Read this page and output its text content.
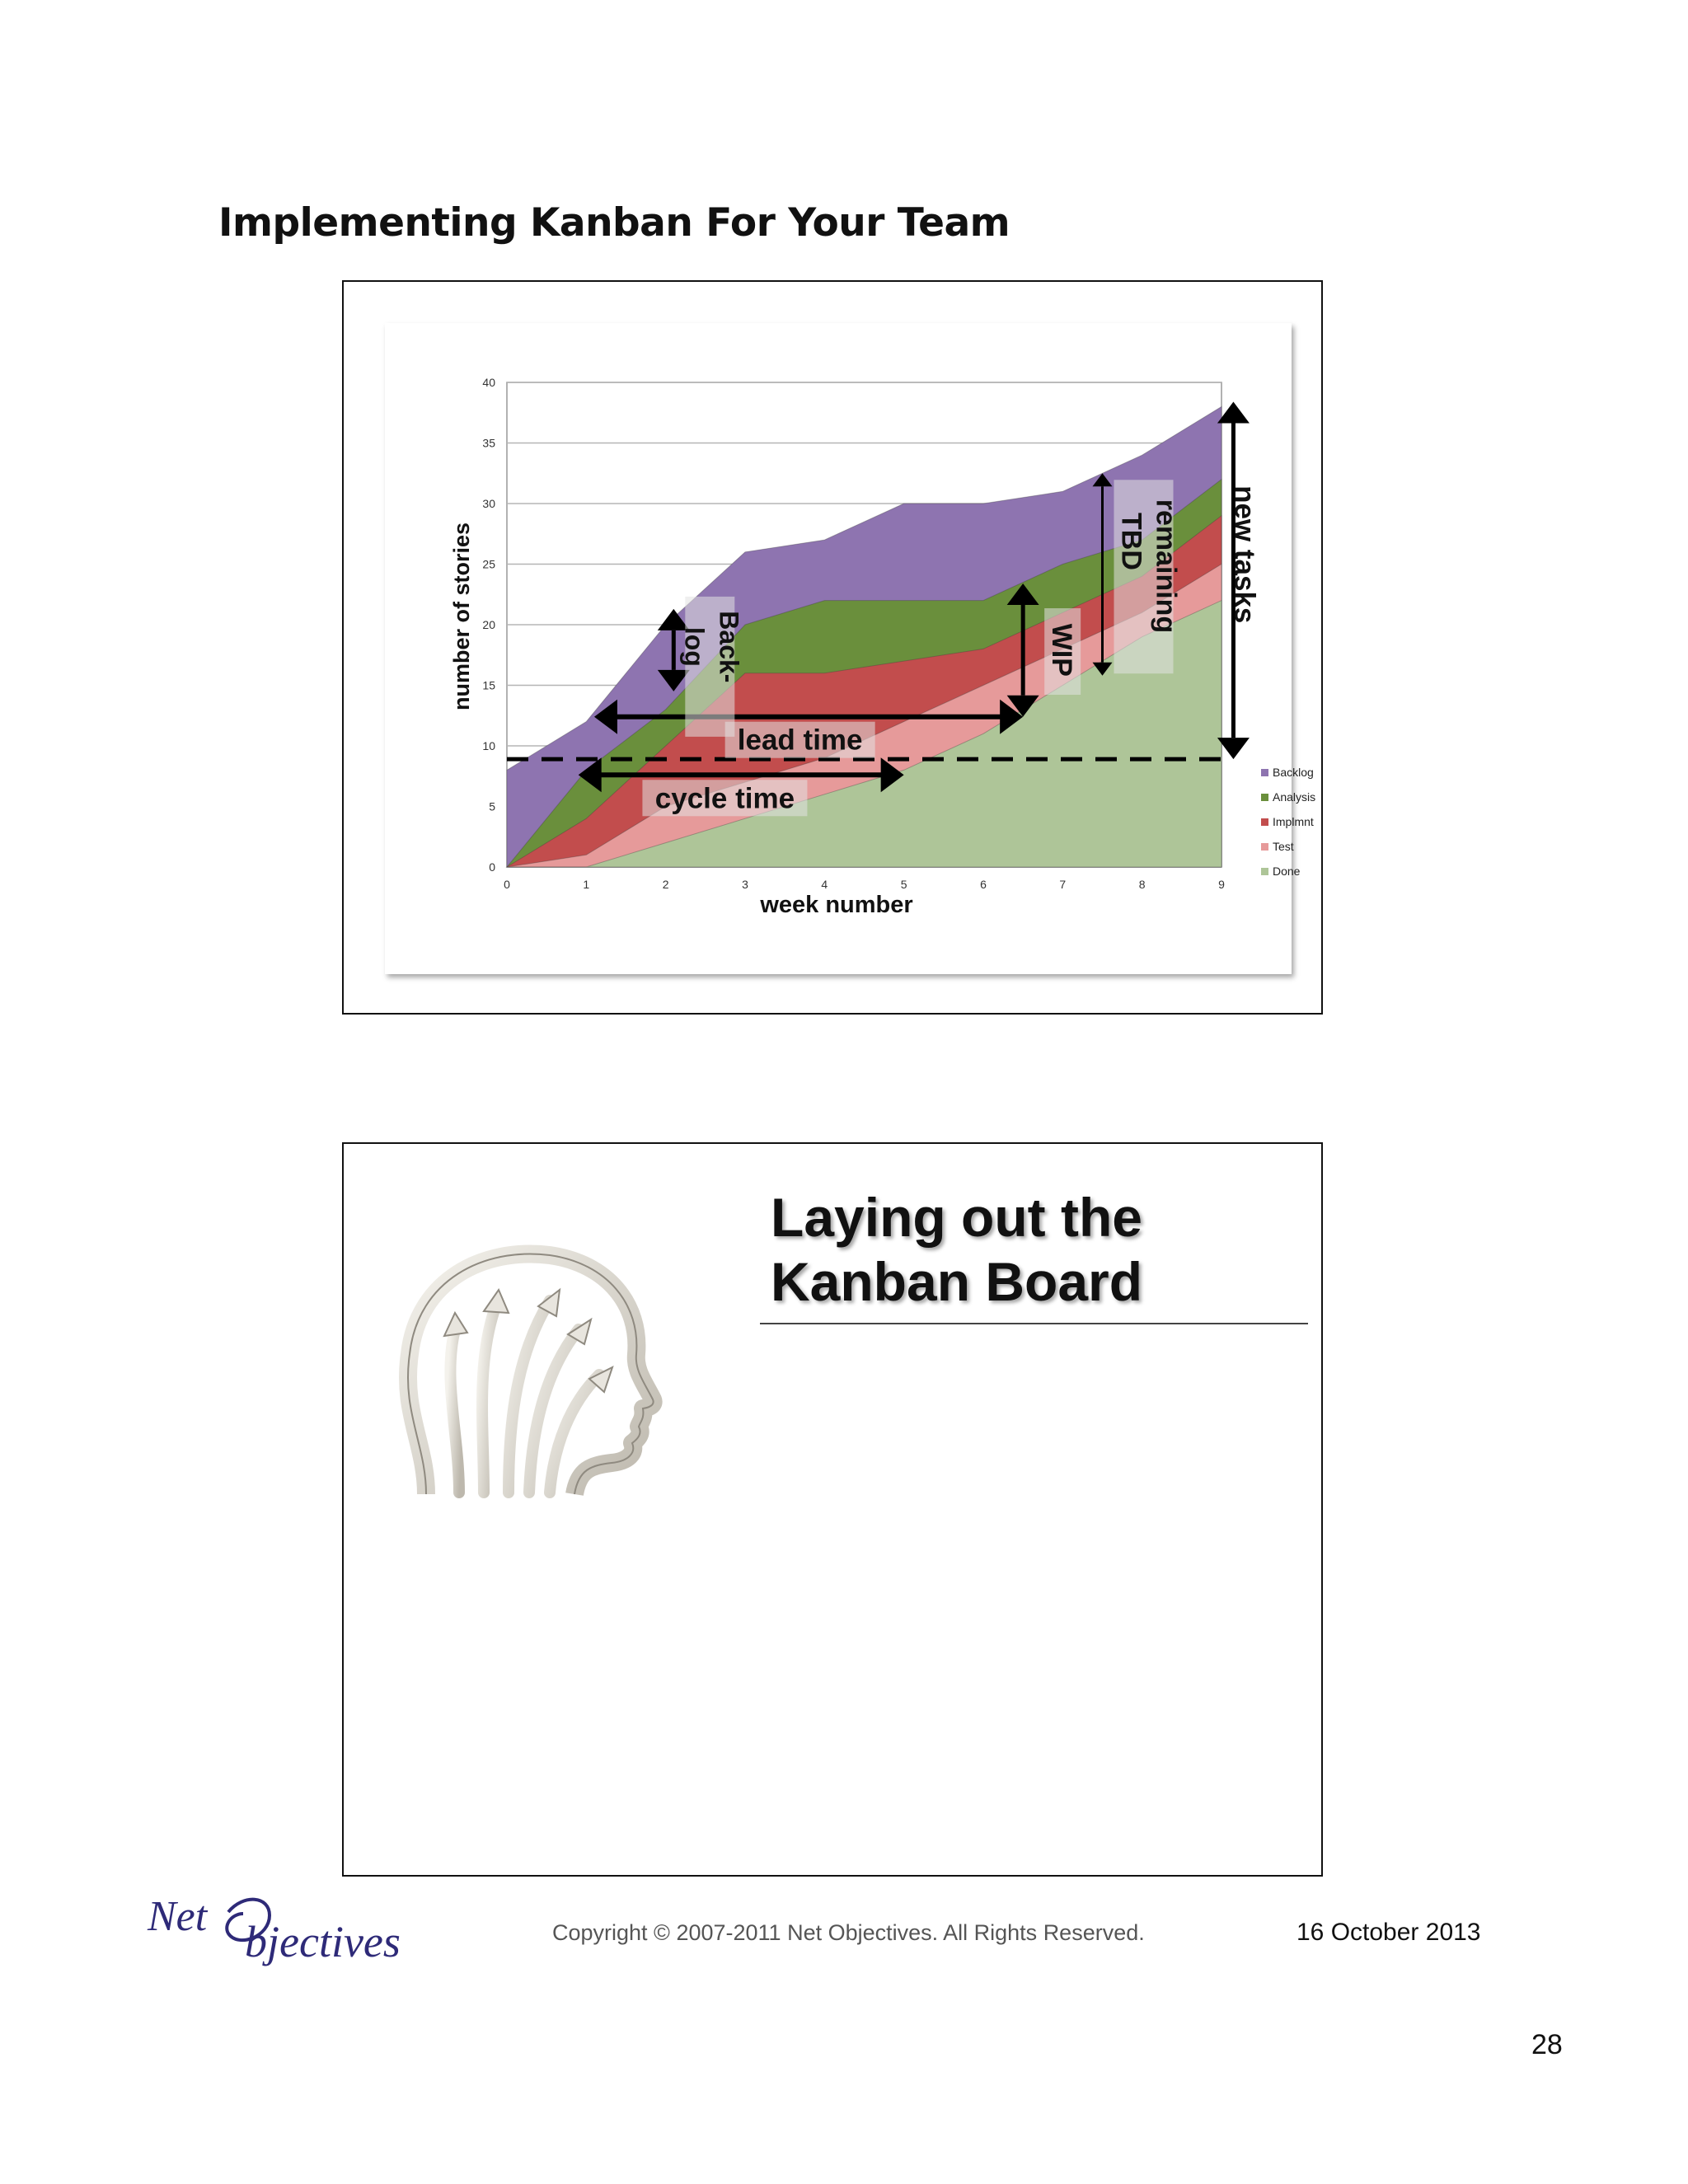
Implementing Kanban For Your Team
number of stories
week number
0
5
10
15
20
25
30
35
40
0	1	2	3	4	5	6	7	8	9
Backlog
Analysis
Implmnt
Test
Done
lead time
cycle time
Back-
log	WIP
remaining
TBD	new tasks
Laying out the
Kanban Board
Net
bjectives	Copyright © 2007-2011 Net Objectives. All Rights Reserved.	16 October 2013
28
